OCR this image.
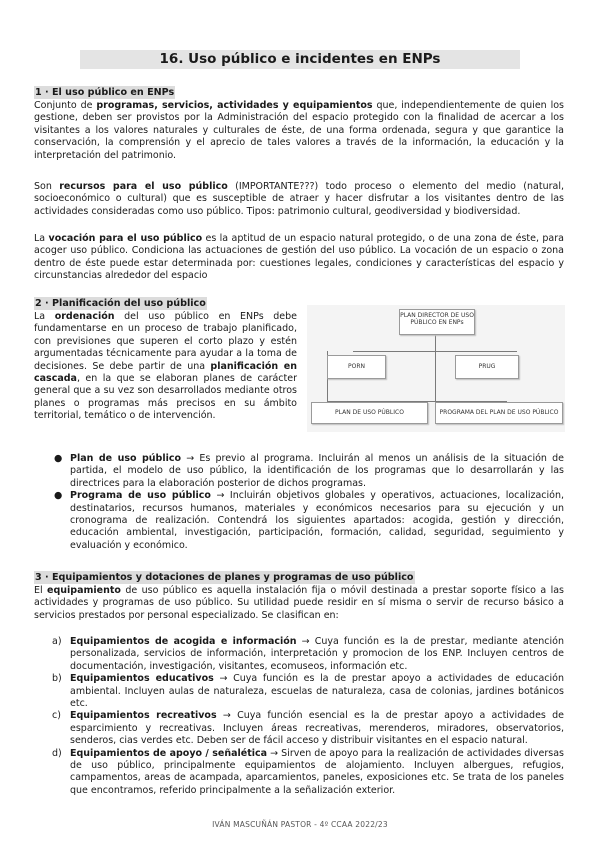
16. Uso público e incidentes en ENPs
1 · El uso público en ENPs

Conjunto de programas, servicios, actividades y equipamientos que, independientemente de quien los gestione, deben ser provistos por la Administración del espacio protegido con la finalidad de acercar a los visitantes a los valores naturales y culturales de éste, de una forma ordenada, segura y que garantice la conservación, la comprensión y el aprecio de tales valores a través de la información, la educación y la interpretación del patrimonio.

Son recursos para el uso público (IMPORTANTE???) todo proceso o elemento del medio (natural, socioeconómico o cultural) que es susceptible de atraer y hacer disfrutar a los visitantes dentro de las actividades consideradas como uso público. Tipos: patrimonio cultural, geodiversidad y biodiversidad.

La vocación para el uso público es la aptitud de un espacio natural protegido, o de una zona de éste, para acoger uso público. Condiciona las actuaciones de gestión del uso público. La vocación de un espacio o zona dentro de éste puede estar determinada por: cuestiones legales, condiciones y características del espacio y circunstancias alrededor del espacio

2 · Planificación del uso público

La ordenación del uso público en ENPs debe fundamentarse en un proceso de trabajo planificado, con previsiones que superen el corto plazo y estén argumentadas técnicamente para ayudar a la toma de decisiones. Se debe partir de una planificación en cascada, en la que se elaboran planes de carácter general que a su vez son desarrollados mediante otros planes o programas más precisos en su ámbito territorial, temático o de intervención.

PLAN DIRECTOR DE USO PÚBLICO EN ENPs
PORN	PRUG
PLAN DE USO PÚBLICO	PROGRAMA DEL PLAN DE USO PÚBLICO
● Plan de uso público → Es previo al programa. Incluirán al menos un análisis de la situación de partida, el modelo de uso público, la identificación de los programas que lo desarrollarán y las directrices para la elaboración posterior de dichos programas.
● Programa de uso público → Incluirán objetivos globales y operativos, actuaciones, localización, destinatarios, recursos humanos, materiales y económicos necesarios para su ejecución y un cronograma de realización. Contendrá los siguientes apartados: acogida, gestión y dirección, educación ambiental, investigación, participación, formación, calidad, seguridad, seguimiento y evaluación y económico.
3 · Equipamientos y dotaciones de planes y programas de uso público

El equipamiento de uso público es aquella instalación fija o móvil destinada a prestar soporte físico a las actividades y programas de uso público. Su utilidad puede residir en sí misma o servir de recurso básico a servicios prestados por personal especializado. Se clasifican en:

a) Equipamientos de acogida e información → Cuya función es la de prestar, mediante atención personalizada, servicios de información, interpretación y promocion de los ENP. Incluyen centros de documentación, investigación, visitantes, ecomuseos, información etc.
b) Equipamientos educativos → Cuya función es la de prestar apoyo a actividades de educación ambiental. Incluyen aulas de naturaleza, escuelas de naturaleza, casa de colonias, jardines botánicos etc.
c) Equipamientos recreativos → Cuya función esencial es la de prestar apoyo a actividades de esparcimiento y recreativas. Incluyen áreas recreativas, merenderos, miradores, observatorios, senderos, cias verdes etc. Deben ser de fácil acceso y distribuir visitantes en el espacio natural.
d) Equipamientos de apoyo / señalética → Sirven de apoyo para la realización de actividades diversas de uso público, principalmente equipamientos de alojamiento. Incluyen albergues, refugios, campamentos, areas de acampada, aparcamientos, paneles, exposiciones etc. Se trata de los paneles que encontramos, referido principalmente a la señalización exterior.
IVÁN MASCUÑÁN PASTOR - 4º CCAA 2022/23
